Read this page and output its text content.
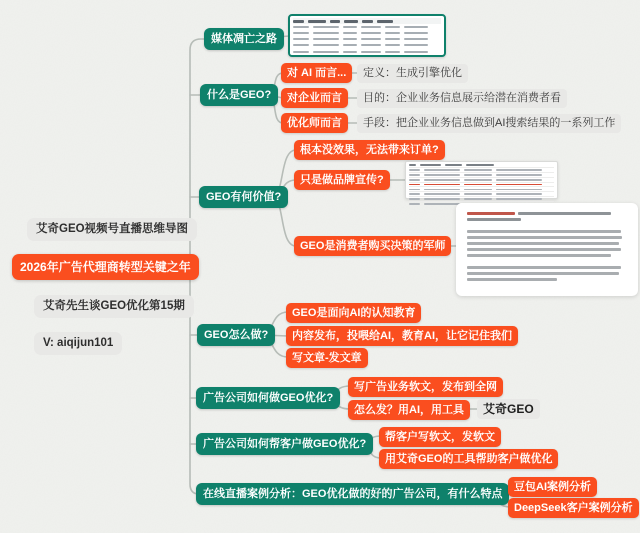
艾奇GEO视频号直播思维导图
2026年广告代理商转型关键之年
艾奇先生谈GEO优化第15期
V: aiqijun101
媒体凋亡之路
什么是GEO?
对 AI 而言...
对企业而言
优化师而言
定义：生成引擎优化
目的：企业业务信息展示给潜在消费者看
手段：把企业业务信息做到AI搜索结果的一系列工作
GEO有何价值?
根本没效果，无法带来订单?
只是做品牌宣传?
GEO是消费者购买决策的军师
GEO怎么做?
GEO是面向AI的认知教育
内容发布，投喂给AI，教育AI，让它记住我们
写文章-发文章
广告公司如何做GEO优化?
写广告业务软文，发布到全网
怎么发？用AI，用工具	艾奇GEO
广告公司如何帮客户做GEO优化?
帮客户写软文，发软文
用艾奇GEO的工具帮助客户做优化
在线直播案例分析：GEO优化做的好的广告公司，有什么特点
豆包AI案例分析
DeepSeek客户案例分析
